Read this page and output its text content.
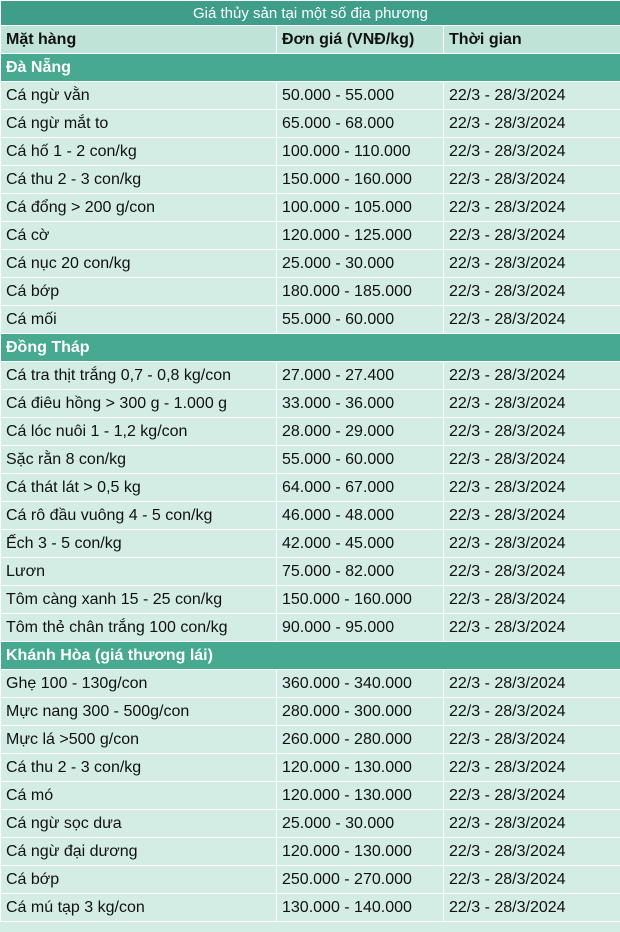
Giá thủy sản tại một số địa phương		
Mặt hàng	Đơn giá (VNĐ/kg)	Thời gian
Đà Nẵng		
Cá ngừ vằn	50.000 - 55.000	22/3 - 28/3/2024
Cá ngừ mắt to	65.000 - 68.000	22/3 - 28/3/2024
Cá hố 1 - 2 con/kg	100.000 - 110.000	22/3 - 28/3/2024
Cá thu 2 - 3 con/kg	150.000 - 160.000	22/3 - 28/3/2024
Cá đổng > 200 g/con	100.000 - 105.000	22/3 - 28/3/2024
Cá cờ	120.000 - 125.000	22/3 - 28/3/2024
Cá nục 20 con/kg	25.000 - 30.000	22/3 - 28/3/2024
Cá bớp	180.000 - 185.000	22/3 - 28/3/2024
Cá mối	55.000 - 60.000	22/3 - 28/3/2024
Đồng Tháp		
Cá tra thịt trắng 0,7 - 0,8 kg/con	27.000 - 27.400	22/3 - 28/3/2024
Cá điêu hồng > 300 g - 1.000 g	33.000 - 36.000	22/3 - 28/3/2024
Cá lóc nuôi 1 - 1,2 kg/con	28.000 - 29.000	22/3 - 28/3/2024
Sặc rằn 8 con/kg	55.000 - 60.000	22/3 - 28/3/2024
Cá thát lát > 0,5 kg	64.000 - 67.000	22/3 - 28/3/2024
Cá rô đầu vuông 4 - 5 con/kg	46.000 - 48.000	22/3 - 28/3/2024
Ếch 3 - 5 con/kg	42.000 - 45.000	22/3 - 28/3/2024
Lươn	75.000 - 82.000	22/3 - 28/3/2024
Tôm càng xanh 15 - 25 con/kg	150.000 - 160.000	22/3 - 28/3/2024
Tôm thẻ chân trắng 100 con/kg	90.000 - 95.000	22/3 - 28/3/2024
Khánh Hòa (giá thương lái)		
Ghẹ 100 - 130g/con	360.000 - 340.000	22/3 - 28/3/2024
Mực nang 300 - 500g/con	280.000 - 300.000	22/3 - 28/3/2024
Mực lá >500 g/con	260.000 - 280.000	22/3 - 28/3/2024
Cá thu 2 - 3 con/kg	120.000 - 130.000	22/3 - 28/3/2024
Cá mó	120.000 - 130.000	22/3 - 28/3/2024
Cá ngừ sọc dưa	25.000 - 30.000	22/3 - 28/3/2024
Cá ngừ đại dương	120.000 - 130.000	22/3 - 28/3/2024
Cá bớp	250.000 - 270.000	22/3 - 28/3/2024
Cá mú tạp 3 kg/con	130.000 - 140.000	22/3 - 28/3/2024
